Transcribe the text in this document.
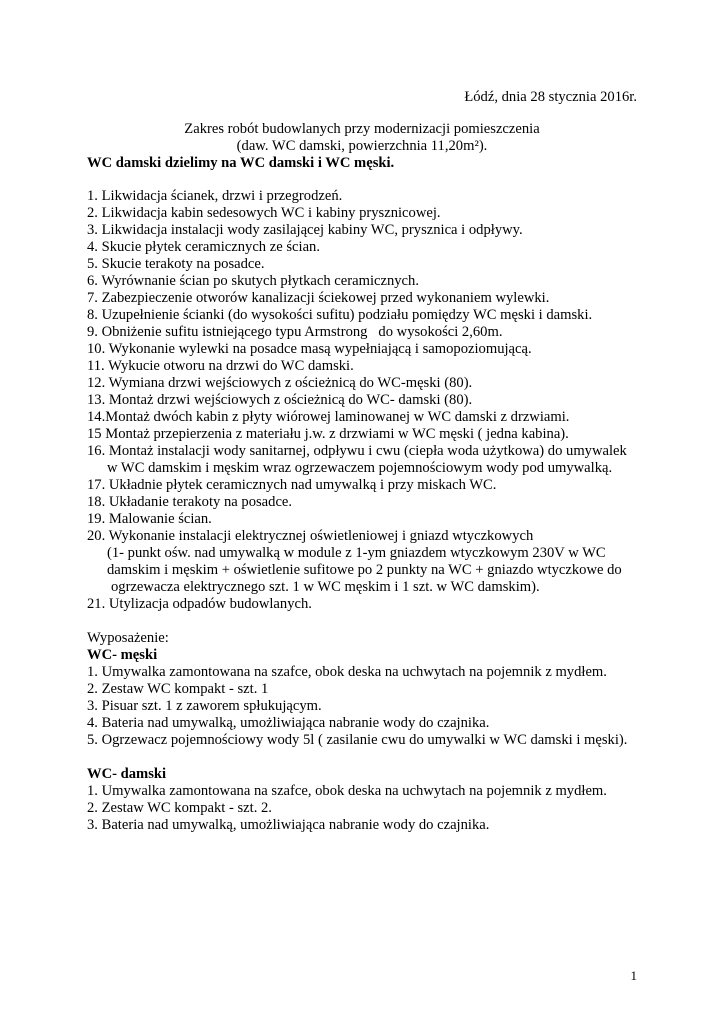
Łódź, dnia 28 stycznia 2016r.
Zakres robót budowlanych przy modernizacji pomieszczenia
(daw. WC damski, powierzchnia 11,20m²).
WC damski dzielimy na WC damski i WC męski.
1. Likwidacja ścianek, drzwi i przegrodzeń.
2. Likwidacja kabin sedesowych WC i kabiny prysznicowej.
3. Likwidacja instalacji wody zasilającej kabiny WC, prysznica i odpływy.
4. Skucie płytek ceramicznych ze ścian.
5. Skucie terakoty na posadce.
6. Wyrównanie ścian po skutych płytkach ceramicznych.
7. Zabezpieczenie otworów kanalizacji ściekowej przed wykonaniem wylewki.
8. Uzupełnienie ścianki (do wysokości sufitu) podziału pomiędzy WC męski i damski.
9. Obniżenie sufitu istniejącego typu Armstrong   do wysokości 2,60m.
10. Wykonanie wylewki na posadce masą wypełniającą i samopoziomującą.
11. Wykucie otworu na drzwi do WC damski.
12. Wymiana drzwi wejściowych z ościeżnicą do WC-męski (80).
13. Montaż drzwi wejściowych z ościeżnicą do WC- damski (80).
14.Montaż dwóch kabin z płyty wiórowej laminowanej w WC damski z drzwiami.
15 Montaż przepierzenia z materiału j.w. z drzwiami w WC męski ( jedna kabina).
16. Montaż instalacji wody sanitarnej, odpływu i cwu (ciepła woda użytkowa) do umywalek
w WC damskim i męskim wraz ogrzewaczem pojemnościowym wody pod umywalką.
17. Układnie płytek ceramicznych nad umywalką i przy miskach WC.
18. Układanie terakoty na posadce.
19. Malowanie ścian.
20. Wykonanie instalacji elektrycznej oświetleniowej i gniazd wtyczkowych
(1- punkt ośw. nad umywalką w module z 1-ym gniazdem wtyczkowym 230V w WC
damskim i męskim + oświetlenie sufitowe po 2 punkty na WC + gniazdo wtyczkowe do
ogrzewacza elektrycznego szt. 1 w WC męskim i 1 szt. w WC damskim).
21. Utylizacja odpadów budowlanych.
Wyposażenie:
WC- męski
1. Umywalka zamontowana na szafce, obok deska na uchwytach na pojemnik z mydłem.
2. Zestaw WC kompakt - szt. 1
3. Pisuar szt. 1 z zaworem spłukującym.
4. Bateria nad umywalką, umożliwiająca nabranie wody do czajnika.
5. Ogrzewacz pojemnościowy wody 5l ( zasilanie cwu do umywalki w WC damski i męski).
WC- damski
1. Umywalka zamontowana na szafce, obok deska na uchwytach na pojemnik z mydłem.
2. Zestaw WC kompakt - szt. 2.
3. Bateria nad umywalką, umożliwiająca nabranie wody do czajnika.
1
